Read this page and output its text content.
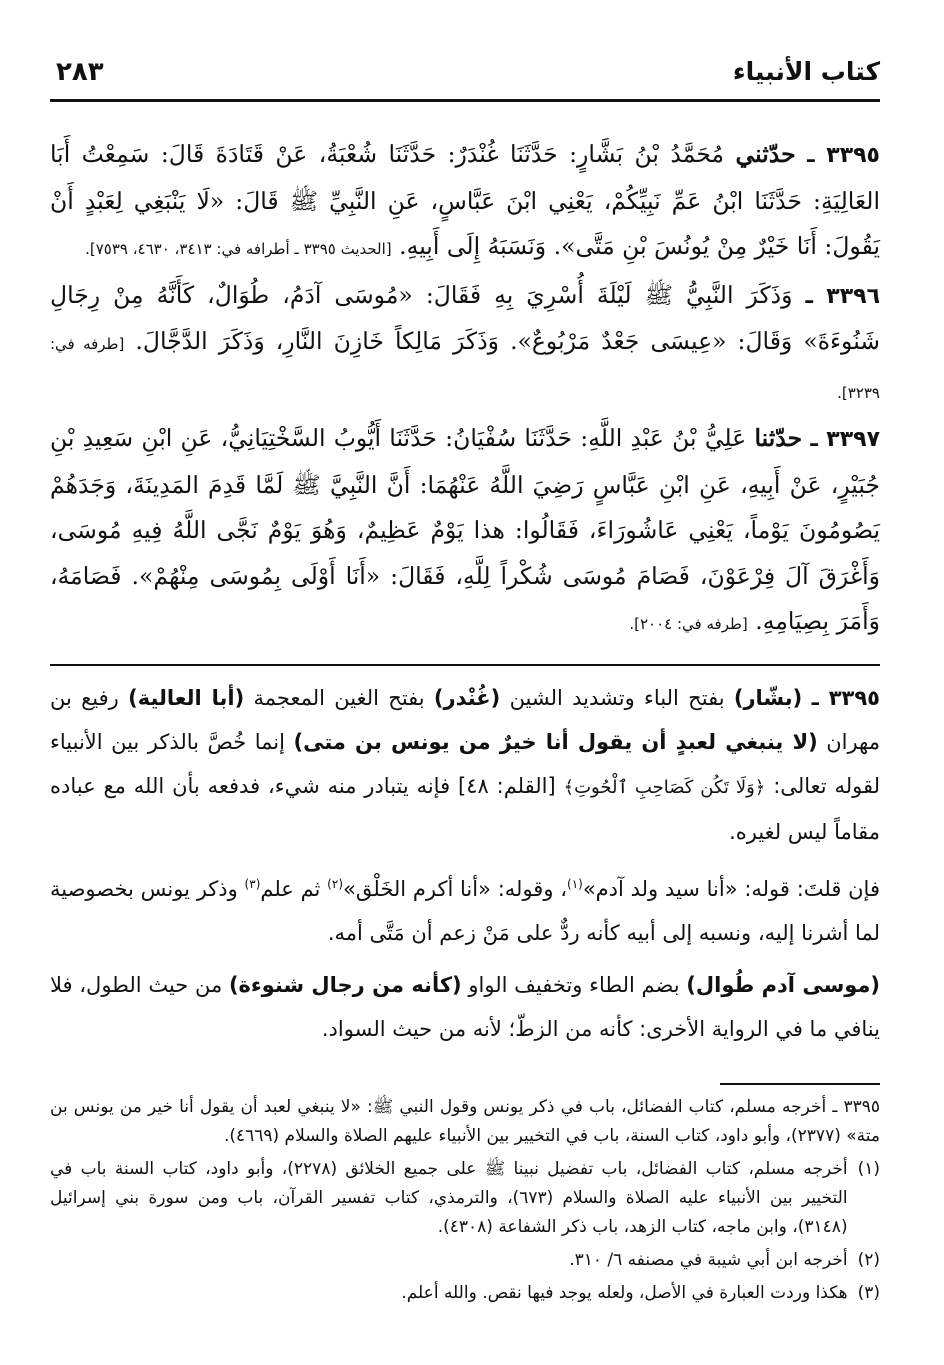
كتاب الأنبياء
٢٨٣

٣٣٩٥ ـ حدّثني مُحَمَّدُ بْنُ بَشَّارٍ: حَدَّثَنَا غُنْدَرٌ: حَدَّثَنَا شُعْبَةُ، عَنْ قَتَادَةَ قَالَ: سَمِعْتُ أَبَا العَالِيَةِ: حَدَّثَنَا ابْنُ عَمِّ نَبِيِّكُمْ، يَعْنِي ابْنَ عَبَّاسٍ، عَنِ النَّبِيِّ ﷺ قَالَ: «لَا يَنْبَغِي لِعَبْدٍ أَنْ يَقُولَ: أَنَا خَيْرٌ مِنْ يُونُسَ بْنِ مَتَّى». وَنَسَبَهُ إِلَى أَبِيهِ. [الحديث ٣٣٩٥ ـ أطرافه في: ٣٤١٣، ٤٦٣٠، ٧٥٣٩].

٣٣٩٦ ـ وَذَكَرَ النَّبِيُّ ﷺ لَيْلَةَ أُسْرِيَ بِهِ فَقَالَ: «مُوسَى آدَمُ، طُوَالٌ، كَأَنَّهُ مِنْ رِجَالِ شَنُوءَةَ» وَقَالَ: «عِيسَى جَعْدٌ مَرْبُوعٌ». وَذَكَرَ مَالِكاً خَازِنَ النَّارِ، وَذَكَرَ الدَّجَّالَ. [طرفه في: ٣٢٣٩].

٣٣٩٧ ـ حدّثنا عَلِيُّ بْنُ عَبْدِ اللَّهِ: حَدَّثَنَا سُفْيَانُ: حَدَّثَنَا أَيُّوبُ السَّخْتِيَانِيُّ، عَنِ ابْنِ سَعِيدِ بْنِ جُبَيْرٍ، عَنْ أَبِيهِ، عَنِ ابْنِ عَبَّاسٍ رَضِيَ اللَّهُ عَنْهُمَا: أَنَّ النَّبِيَّ ﷺ لَمَّا قَدِمَ المَدِينَةَ، وَجَدَهُمْ يَصُومُونَ يَوْماً، يَعْنِي عَاشُورَاءَ، فَقَالُوا: هذا يَوْمٌ عَظِيمٌ، وَهُوَ يَوْمٌ نَجَّى اللَّهُ فِيهِ مُوسَى، وَأَغْرَقَ آلَ فِرْعَوْنَ، فَصَامَ مُوسَى شُكْراً لِلَّهِ، فَقَالَ: «أَنَا أَوْلَى بِمُوسَى مِنْهُمْ». فَصَامَهُ، وَأَمَرَ بِصِيَامِهِ. [طرفه في: ٢٠٠٤].

٣٣٩٥ ـ (بشّار) بفتح الباء وتشديد الشين (غُنْدر) بفتح الغين المعجمة (أبا العالية) رفيع بن مهران (لا ينبغي لعبدٍ أن يقول أنا خيرٌ من يونس بن متى) إنما خُصَّ بالذكر بين الأنبياء لقوله تعالى: ﴿وَلَا تَكُن كَصَاحِبِ ٱلْحُوتِ﴾ [القلم: ٤٨] فإنه يتبادر منه شيء، فدفعه بأن الله مع عباده مقاماً ليس لغيره.

فإن قلتَ: قوله: «أنا سيد ولد آدم»$^{(١)}$، وقوله: «أنا أكرم الخَلْق»$^{(٢)}$ ثم علم$^{(٣)}$ وذكر يونس بخصوصية لما أشرنا إليه، ونسبه إلى أبيه كأنه ردٌّ على مَنْ زعم أن مَتَّى أمه.

(موسى آدم طُوال) بضم الطاء وتخفيف الواو (كأنه من رجال شنوءة) من حيث الطول، فلا ينافي ما في الرواية الأخرى: كأنه من الزطّ؛ لأنه من حيث السواد.

٣٣٩٥ ـ أخرجه مسلم، كتاب الفضائل، باب في ذكر يونس وقول النبي ﷺ: «لا ينبغي لعبد أن يقول أنا خير من يونس بن متة» (٢٣٧٧)، وأبو داود، كتاب السنة، باب في التخيير بين الأنبياء عليهم الصلاة والسلام (٤٦٦٩).

(١)
أخرجه مسلم، كتاب الفضائل، باب تفضيل نبينا ﷺ على جميع الخلائق (٢٢٧٨)، وأبو داود، كتاب السنة باب في التخيير بين الأنبياء عليه الصلاة والسلام (٦٧٣)، والترمذي، كتاب تفسير القرآن، باب ومن سورة بني إسرائيل (٣١٤٨)، وابن ماجه، كتاب الزهد، باب ذكر الشفاعة (٤٣٠٨).
(٢)
أخرجه ابن أبي شيبة في مصنفه ٦/ ٣١٠.
(٣)
هكذا وردت العبارة في الأصل، ولعله يوجد فيها نقص. والله أعلم.
